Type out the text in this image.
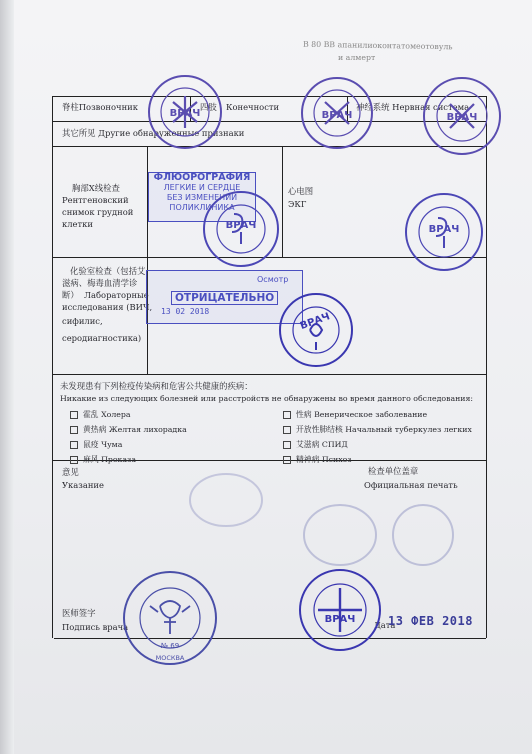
B 80 ВВ апанилиоконтатомеотовуль
и алмерт
脊柱Позвоночник	四肢 Конечности	神经系统 Нервная система
其它所见 Другие обнаруженные признаки
胸部X线检查
Рентгеновский
снимок грудной
клетки
心电图
ЭКГ
化验室检查（包括艾
滋病、梅毒血清学诊
断） Лабораторные
исследования (ВИЧ,
сифилис,
серодиагностика)
未发现患有下列检疫传染病和危害公共健康的疾病：
Никакие из следующих болезней или расстройств не обнаружены во время данного обследования:
霍乱 Холера
黄热病 Желтая лихорадка
鼠疫 Чума
麻风 Проказа
性病 Венерическое заболевание
开放性肺结核 Начальный туберкулез легких
艾滋病 СПИД
精神病 Психоз
意见
Указание
检查单位盖章
Официальная печать
医师签字
Подпись врача	Дата
13 ФЕВ 2018
ФЛЮОРОГРАФИЯ
ЛЕГКИЕ И СЕРДЦЕ
БЕЗ ИЗМЕНЕНИЙ
ПОЛИКЛИНИКА
Осмотр
ОТРИЦАТЕЛЬНО
13 02 2018
ВРАЧ	ВРАЧ	ВРАЧ
ВРАЧ	ВРАЧ
ВРАЧ
№ 69
МОСКВА
ВРАЧ
